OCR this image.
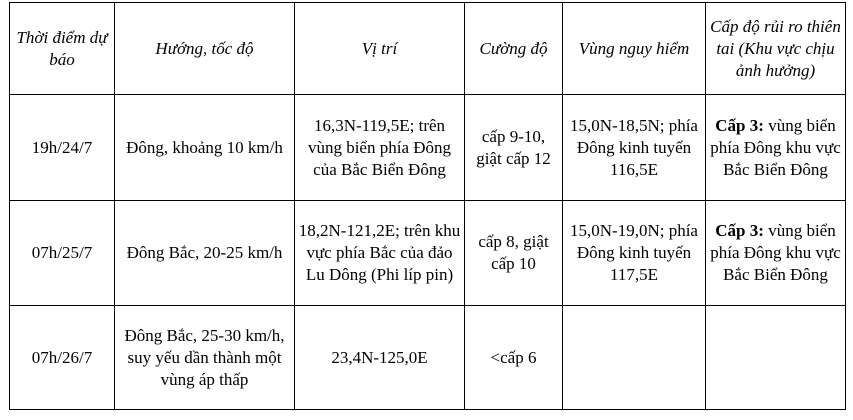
Thời điểm dự báo	Hướng, tốc độ	Vị trí	Cường độ	Vùng nguy hiểm	Cấp độ rủi ro thiên tai (Khu vực chịu ảnh hưởng)
19h/24/7	Đông, khoảng 10 km/h	16,3N-119,5E; trên vùng biển phía Đông của Bắc Biển Đông	cấp 9-10, giật cấp 12	15,0N-18,5N; phía Đông kinh tuyến 116,5E	Cấp 3: vùng biển phía Đông khu vực Bắc Biển Đông
07h/25/7	Đông Bắc, 20-25 km/h	18,2N-121,2E; trên khu vực phía Bắc của đảo Lu Dông (Phi líp pin)	cấp 8, giật cấp 10	15,0N-19,0N; phía Đông kinh tuyến 117,5E	Cấp 3: vùng biển phía Đông khu vực Bắc Biển Đông
07h/26/7	Đông Bắc, 25-30 km/h, suy yếu dần thành một vùng áp thấp	23,4N-125,0E	<cấp 6		
